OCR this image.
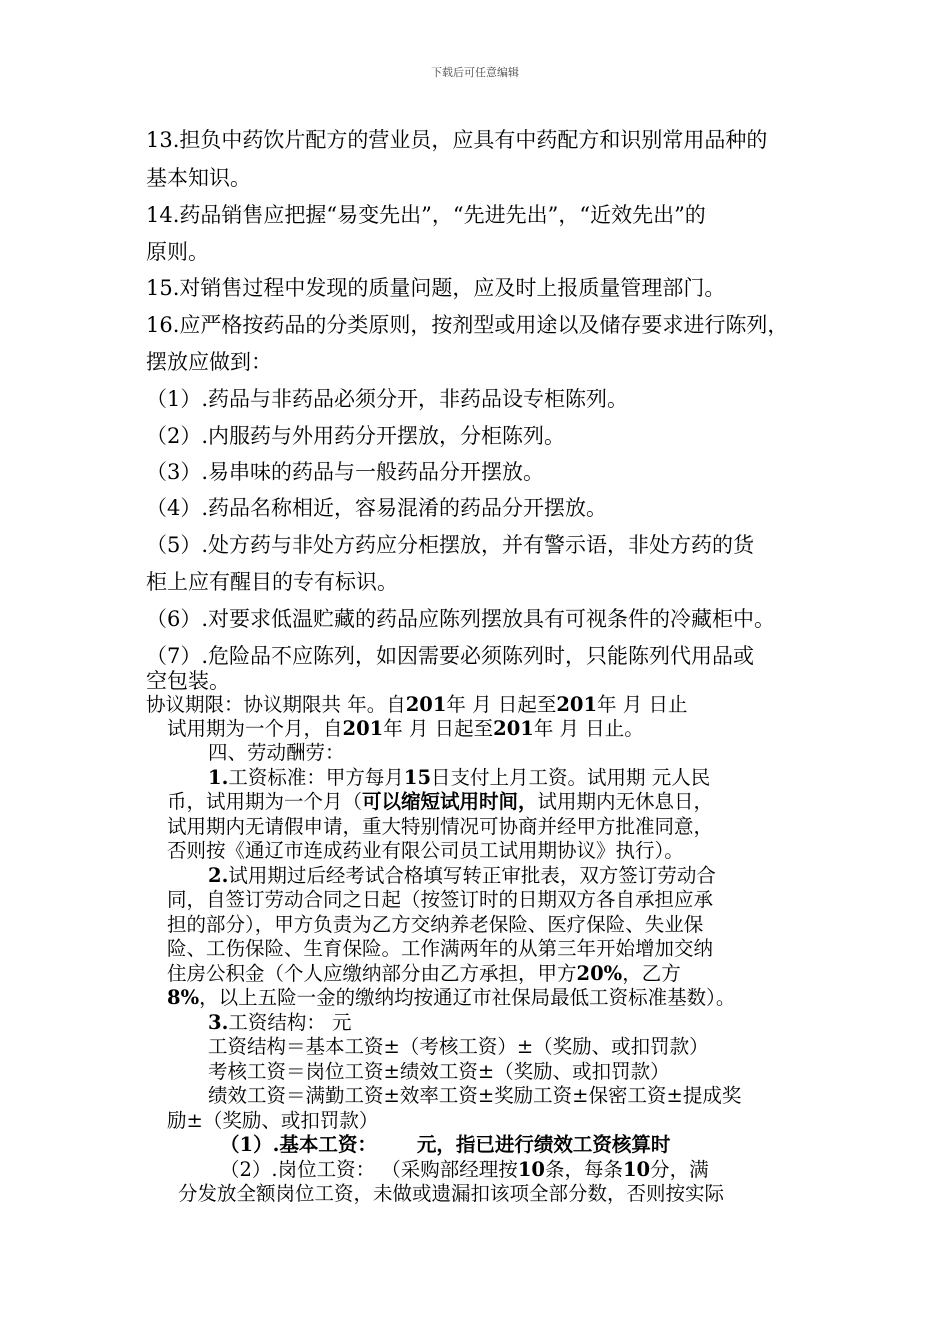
下载后可任意编辑
13.担负中药饮片配方的营业员，应具有中药配方和识别常用品种的
基本知识。
14.药品销售应把握“易变先出”，“先进先出”，“近效先出”的
原则。
15.对销售过程中发现的质量问题，应及时上报质量管理部门。
16.应严格按药品的分类原则，按剂型或用途以及储存要求进行陈列，
摆放应做到：
（1）.药品与非药品必须分开，非药品设专柜陈列。
（2）.内服药与外用药分开摆放，分柜陈列。
（3）.易串味的药品与一般药品分开摆放。
（4）.药品名称相近，容易混淆的药品分开摆放。
（5）.处方药与非处方药应分柜摆放，并有警示语，非处方药的货
柜上应有醒目的专有标识。
（6）.对要求低温贮藏的药品应陈列摆放具有可视条件的冷藏柜中。
（7）.危险品不应陈列，如因需要必须陈列时，只能陈列代用品或
空包装。
协议期限：协议期限共 年。自201年 月 日起至201年 月 日止
试用期为一个月，自201年 月 日起至201年 月 日止。
四、劳动酬劳：
1.工资标准：甲方每月15日支付上月工资。试用期 元人民
币，试用期为一个月（可以缩短试用时间，试用期内无休息日，
试用期内无请假申请，重大特别情况可协商并经甲方批准同意，
否则按《通辽市连成药业有限公司员工试用期协议》执行）。
2.试用期过后经考试合格填写转正审批表，双方签订劳动合
同，自签订劳动合同之日起（按签订时的日期双方各自承担应承
担的部分），甲方负责为乙方交纳养老保险、医疗保险、失业保
险、工伤保险、生育保险。工作满两年的从第三年开始增加交纳
住房公积金（个人应缴纳部分由乙方承担，甲方20%，乙方
8%，以上五险一金的缴纳均按通辽市社保局最低工资标准基数）。
3.工资结构： 元
工资结构＝基本工资±（考核工资）±（奖励、或扣罚款）
考核工资＝岗位工资±绩效工资±（奖励、或扣罚款）
绩效工资＝满勤工资±效率工资±奖励工资±保密工资±提成奖
励±（奖励、或扣罚款）
（1）.基本工资： 元，指已进行绩效工资核算时
（2）.岗位工资： （采购部经理按10条，每条10分，满
分发放全额岗位工资，未做或遗漏扣该项全部分数，否则按实际
